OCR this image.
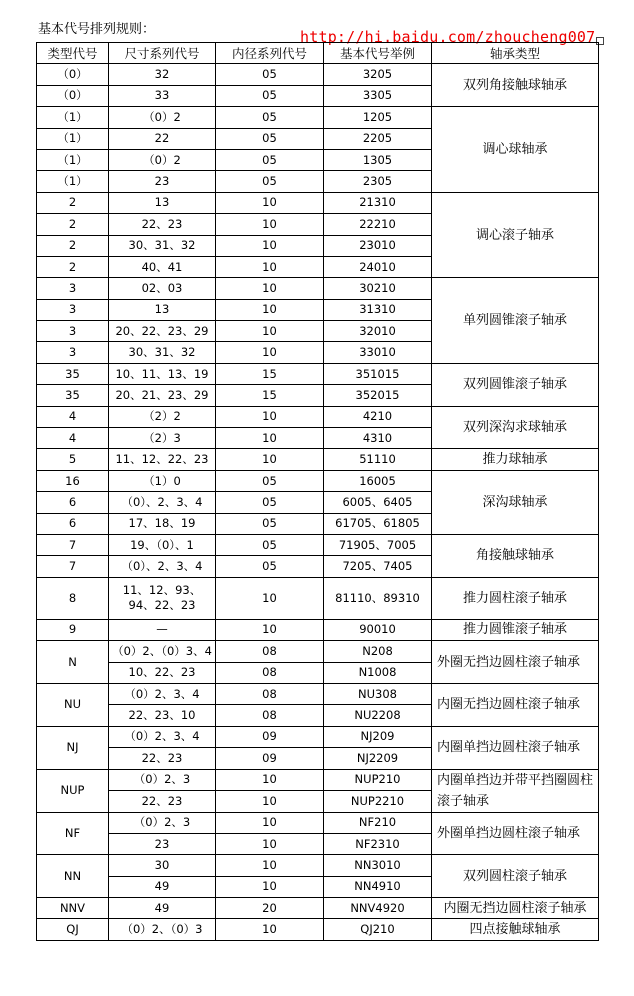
基本代号排列规则：	http://hi.baidu.com/zhoucheng007
类型代号	尺寸系列代号	内径系列代号	基本代号举例	轴承类型
（0）	32	05	3205	双列角接触球轴承
（0）	33	05	3305	
（1）	（0）2	05	1205	调心球轴承
（1）	22	05	2205	
（1）	（0）2	05	1305	
（1）	23	05	2305	
2	13	10	21310	调心滚子轴承
2	22、23	10	22210	
2	30、31、32	10	23010	
2	40、41	10	24010	
3	02、03	10	30210	单列圆锥滚子轴承
3	13	10	31310	
3	20、22、23、29	10	32010	
3	30、31、32	10	33010	
35	10、11、13、19	15	351015	双列圆锥滚子轴承
35	20、21、23、29	15	352015	
4	（2）2	10	4210	双列深沟求球轴承
4	（2）3	10	4310	
5	11、12、22、23	10	51110	推力球轴承
16	（1）0	05	16005	深沟球轴承
6	（0）、2、3、4	05	6005、6405	
6	17、18、19	05	61705、61805	
7	19、（0）、1	05	71905、7005	角接触球轴承
7	（0）、2、3、4	05	7205、7405	
8	11、12、93、94、22、23	10	81110、89310	推力圆柱滚子轴承
9	—	10	90010	推力圆锥滚子轴承
N	（0）2、（0）3、4	08	N208	外圈无挡边圆柱滚子轴承
	10、22、23	08	N1008	
NU	（0）2、3、4	08	NU308	内圈无挡边圆柱滚子轴承
	22、23、10	08	NU2208	
NJ	（0）2、3、4	09	NJ209	内圈单挡边圆柱滚子轴承
	22、23	09	NJ2209	
NUP	（0）2、3	10	NUP210	内圈单挡边并带平挡圈圆柱滚子轴承
	22、23	10	NUP2210	
NF	（0）2、3	10	NF210	外圈单挡边圆柱滚子轴承
	23	10	NF2310	
NN	30	10	NN3010	双列圆柱滚子轴承
	49	10	NN4910	
NNV	49	20	NNV4920	内圈无挡边圆柱滚子轴承
QJ	（0）2、（0）3	10	QJ210	四点接触球轴承
